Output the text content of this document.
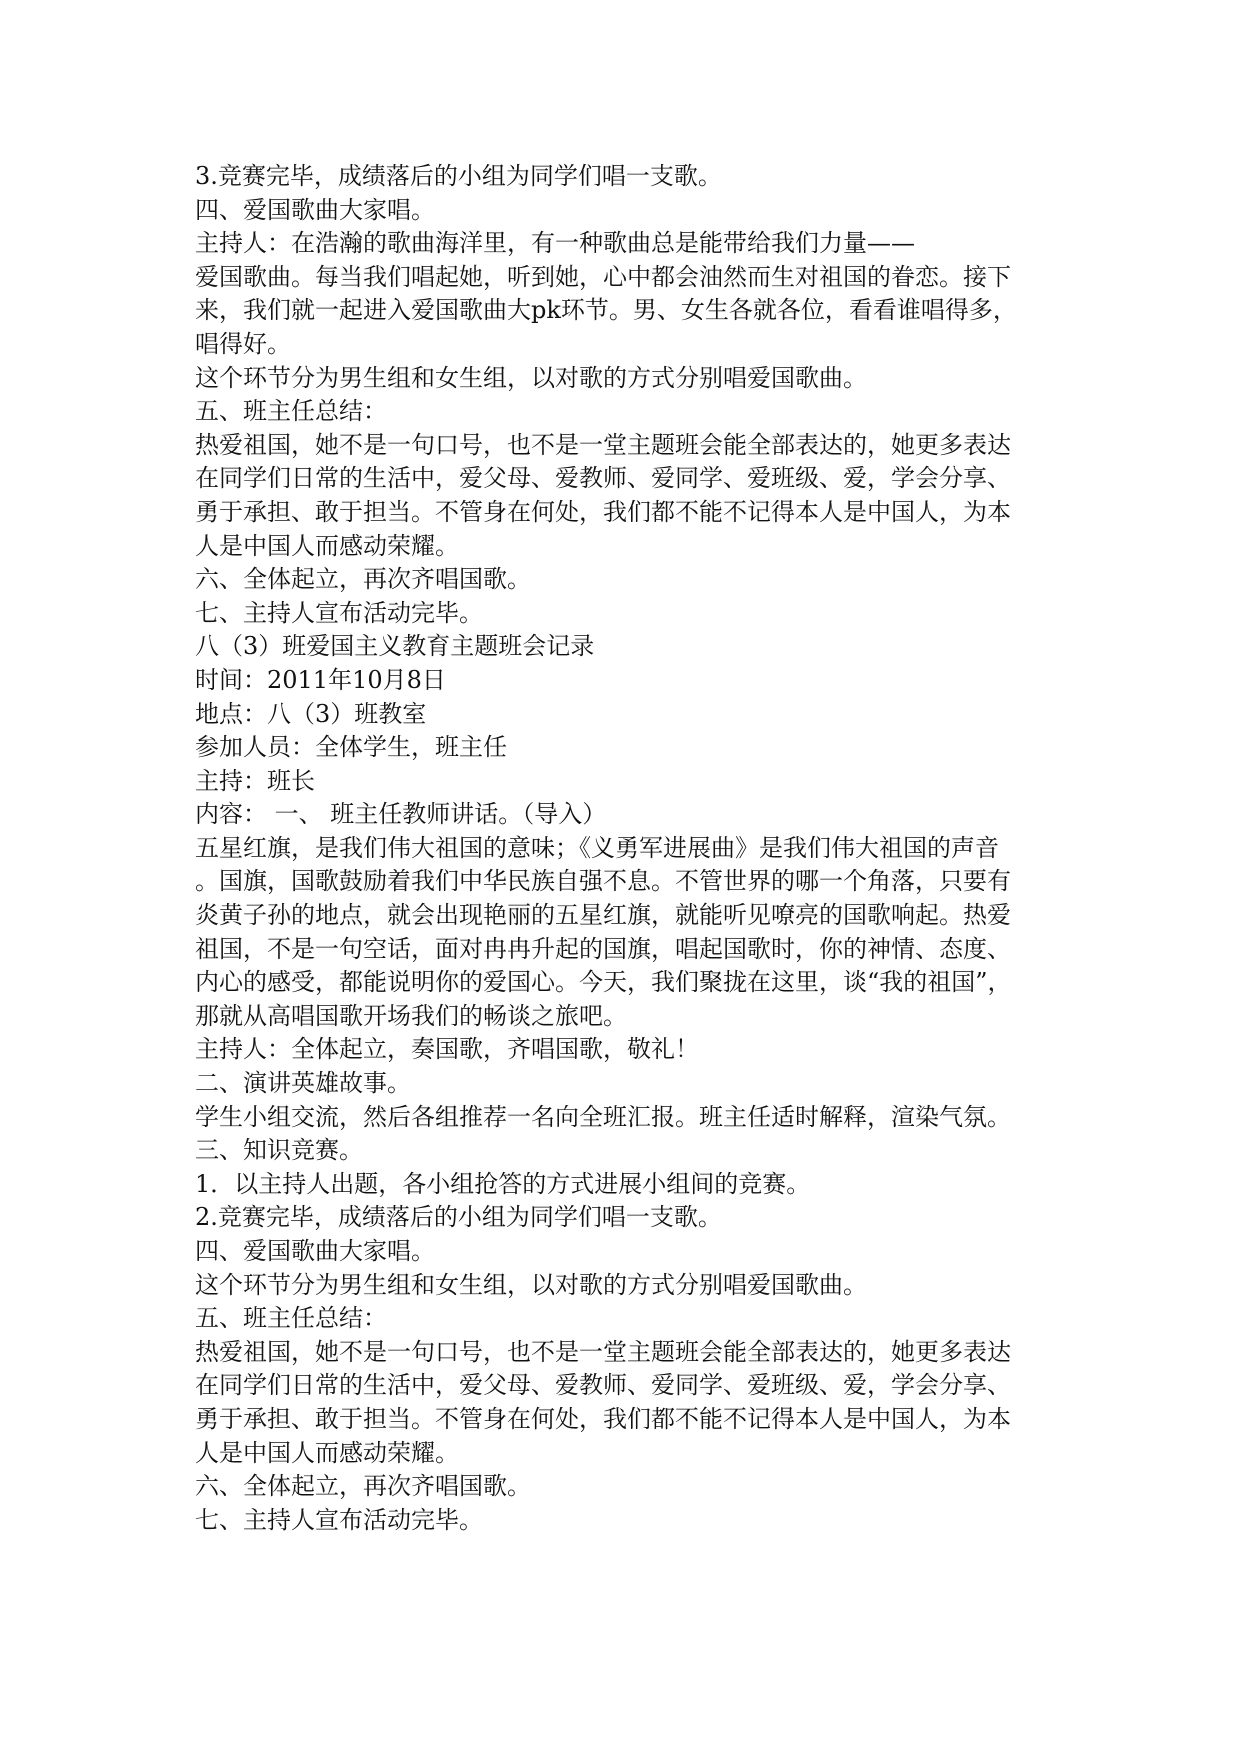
3.竞赛完毕，成绩落后的小组为同学们唱一支歌。

四、爱国歌曲大家唱。

主持人：在浩瀚的歌曲海洋里，有一种歌曲总是能带给我们力量——

爱国歌曲。每当我们唱起她，听到她，心中都会油然而生对祖国的眷恋。接下

来，我们就一起进入爱国歌曲大pk环节。男、女生各就各位，看看谁唱得多，

唱得好。

这个环节分为男生组和女生组，以对歌的方式分别唱爱国歌曲。

五、班主任总结：

热爱祖国，她不是一句口号，也不是一堂主题班会能全部表达的，她更多表达

在同学们日常的生活中，爱父母、爱教师、爱同学、爱班级、爱，学会分享、

勇于承担、敢于担当。不管身在何处，我们都不能不记得本人是中国人，为本

人是中国人而感动荣耀。

六、全体起立，再次齐唱国歌。

七、主持人宣布活动完毕。

八（3）班爱国主义教育主题班会记录

时间：2011年10月8日

地点：八（3）班教室

参加人员：全体学生，班主任

主持：班长

内容： 一、 班主任教师讲话。（导入）

五星红旗，是我们伟大祖国的意味；《义勇军进展曲》是我们伟大祖国的声音

。国旗，国歌鼓励着我们中华民族自强不息。不管世界的哪一个角落，只要有

炎黄子孙的地点，就会出现艳丽的五星红旗，就能听见嘹亮的国歌响起。热爱

祖国，不是一句空话，面对冉冉升起的国旗，唱起国歌时，你的神情、态度、

内心的感受，都能说明你的爱国心。今天，我们聚拢在这里，谈“我的祖国”，

那就从高唱国歌开场我们的畅谈之旅吧。

主持人：全体起立，奏国歌，齐唱国歌，敬礼！

二、演讲英雄故事。

学生小组交流，然后各组推荐一名向全班汇报。班主任适时解释，渲染气氛。

三、知识竞赛。

1．以主持人出题，各小组抢答的方式进展小组间的竞赛。

2.竞赛完毕，成绩落后的小组为同学们唱一支歌。

四、爱国歌曲大家唱。

这个环节分为男生组和女生组，以对歌的方式分别唱爱国歌曲。

五、班主任总结：

热爱祖国，她不是一句口号，也不是一堂主题班会能全部表达的，她更多表达

在同学们日常的生活中，爱父母、爱教师、爱同学、爱班级、爱，学会分享、

勇于承担、敢于担当。不管身在何处，我们都不能不记得本人是中国人，为本

人是中国人而感动荣耀。

六、全体起立，再次齐唱国歌。

七、主持人宣布活动完毕。
